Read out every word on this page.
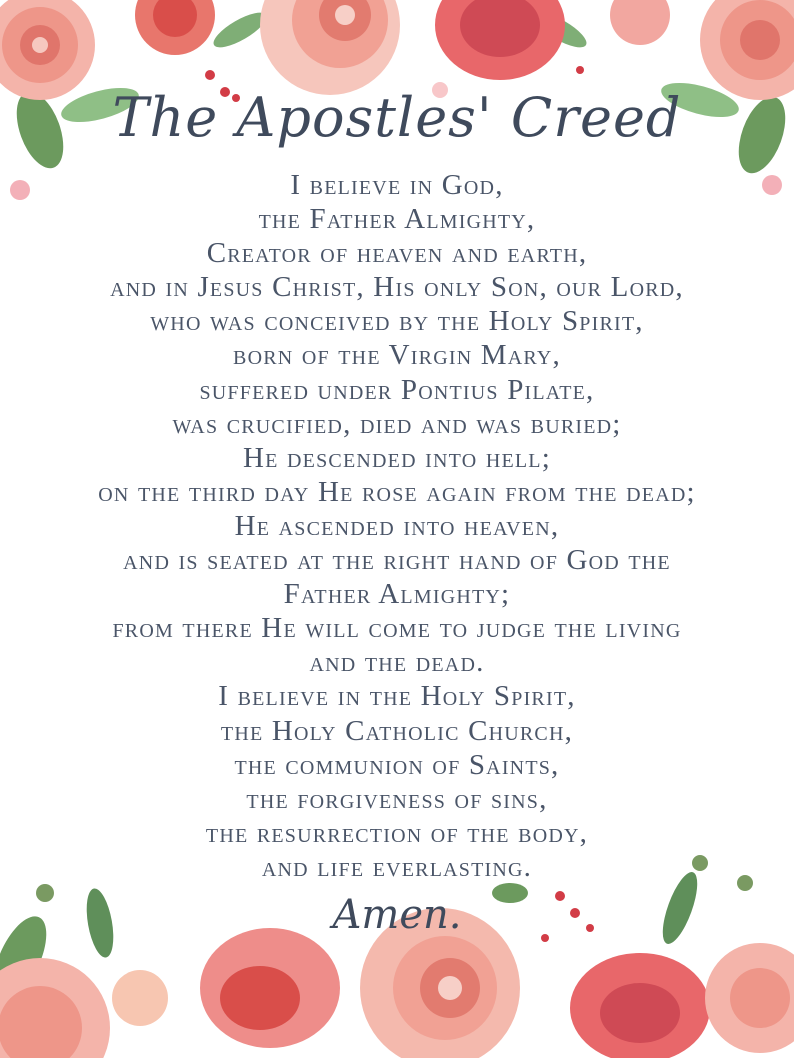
The Apostles' Creed
I believe in God,
the Father Almighty,
Creator of heaven and earth,
and in Jesus Christ, His only Son, our Lord,
who was conceived by the Holy Spirit,
born of the Virgin Mary,
suffered under Pontius Pilate,
was crucified, died and was buried;
He descended into hell;
on the third day He rose again from the dead;
He ascended into heaven,
and is seated at the right hand of God the
Father Almighty;
from there He will come to judge the living
and the dead.
I believe in the Holy Spirit,
the Holy Catholic Church,
the communion of Saints,
the forgiveness of sins,
the resurrection of the body,
and life everlasting.
Amen.
